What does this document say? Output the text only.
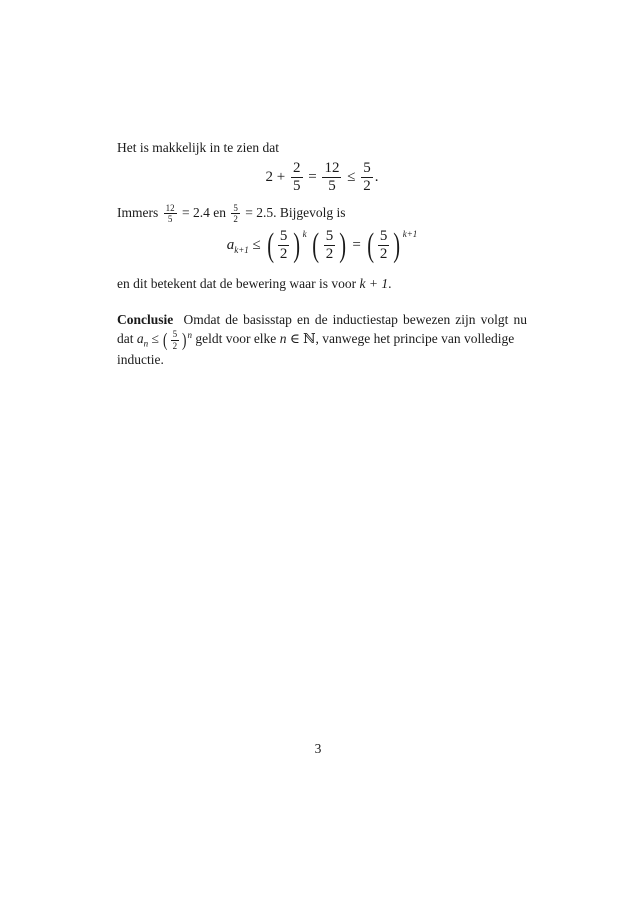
Het is makkelijk in te zien dat

$2 + \frac{2}{5} = \frac{12}{5} \le \frac{5}{2}$ .

Immers $\frac{12}{5} = 2.4$ en $\frac{5}{2} = 2.5$. Bijgevolg is

$a_{k+1}$ ≤ ( $\frac{5}{2}$ ) $^k$
( $\frac{5}{2}$ ) = ( $\frac{5}{2}$ ) $^{k+1}$

en dit betekent dat de bewering waar is voor k + 1.

Conclusie Omdat de basisstap en de inductiestap bewezen zijn volgt nu dat $a_n$ ≤ ( $\frac{5}{2} )^n$ geldt voor elke n ∈ ℕ, vanwege het principe van volledige
inductie.
3
